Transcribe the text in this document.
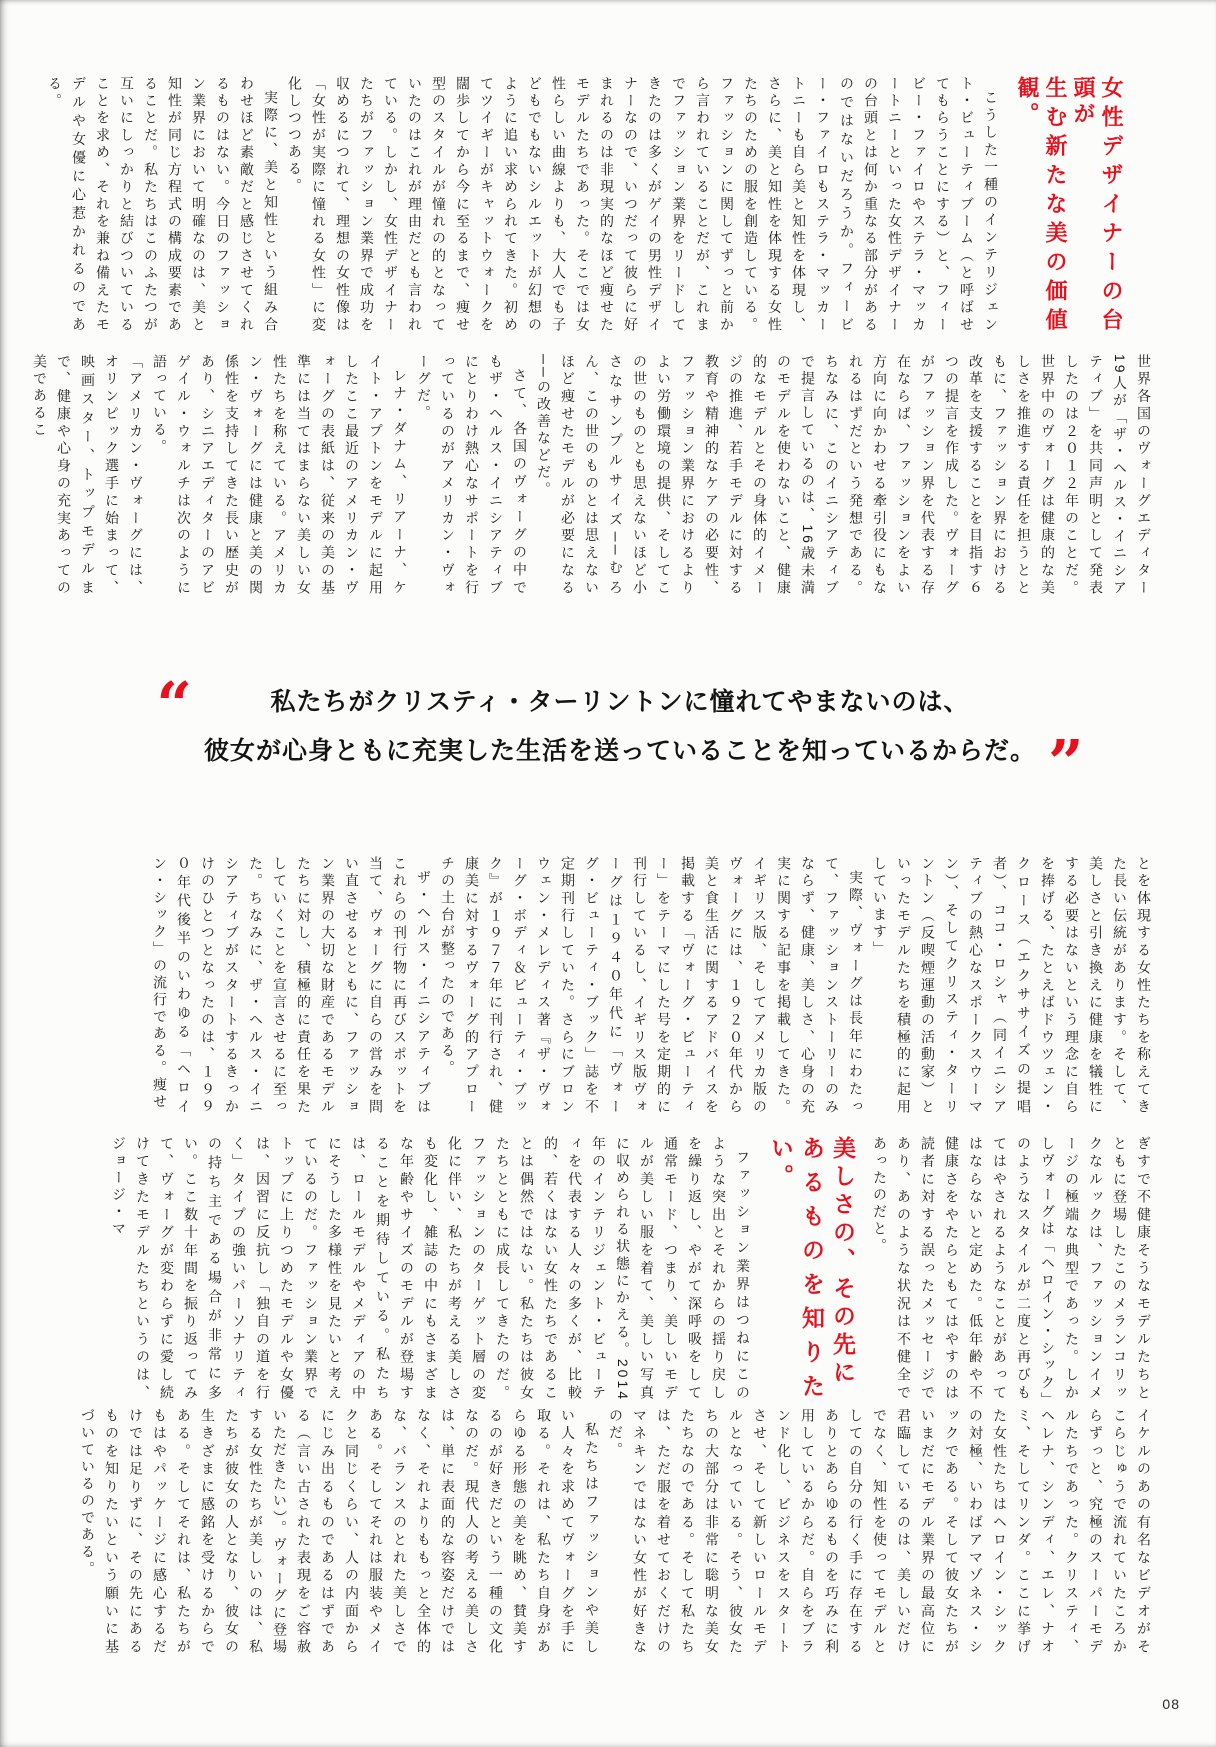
女性デザイナーの台頭が
生む新たな美の価値観。

こうした一種のインテリジェント・ビューティブーム（と呼ばせてもらうことにする）と、フィービー・ファイロやステラ・マッカートニーといった女性デザイナーの台頭とは何か重なる部分があるのではないだろうか。フィービー・ファイロもステラ・マッカートニーも自ら美と知性を体現し、さらに、美と知性を体現する女性たちのための服を創造している。ファッションに関してずっと前から言われていることだが、これまでファッション業界をリードしてきたのは多くがゲイの男性デザイナーなので、いつだって彼らに好まれるのは非現実的なほど痩せたモデルたちであった。そこでは女性らしい曲線よりも、大人でも子どもでもないシルエットが幻想のように追い求められてきた。初めてツイギーがキャットウォークを闊歩してから今に至るまで、痩せ型のスタイルが憧れの的となっていたのはこれが理由だとも言われている。しかし、女性デザイナーたちがファッション業界で成功を収めるにつれて、理想の女性像は「女性が実際に憧れる女性」に変化しつつある。

実際に、美と知性という組み合わせほど素敵だと感じさせてくれるものはない。今日のファッション業界において明確なのは、美と知性が同じ方程式の構成要素であることだ。私たちはこのふたつが互いにしっかりと結びついていることを求め、それを兼ね備えたモデルや女優に心惹かれるのである。

世界各国のヴォーグエディター19人が「ザ・ヘルス・イニシアティブ」を共同声明として発表したのは２０１２年のことだ。世界中のヴォーグは健康的な美しさを推進する責任を担うとともに、ファッション界における改革を支援することを目指す６つの提言を作成した。ヴォーグがファッション界を代表する存在ならば、ファッションをよい方向に向かわせる牽引役にもなれるはずだという発想である。ちなみに、このイニシアティブで提言しているのは、16歳未満のモデルを使わないこと、健康的なモデルとその身体的イメージの推進、若手モデルに対する教育や精神的なケアの必要性、ファッション業界におけるよりよい労働環境の提供、そしてこの世のものとも思えないほど小さなサンプルサイズ──むろん、この世のものとは思えないほど痩せたモデルが必要になる──の改善などだ。

さて、各国のヴォーグの中でもザ・ヘルス・イニシアティブにとりわけ熱心なサポートを行っているのがアメリカン・ヴォーグだ。

レナ・ダナム、リアーナ、ケイト・アプトンをモデルに起用したここ最近のアメリカン・ヴォーグの表紙は、従来の美の基準には当てはまらない美しい女性たちを称えている。アメリカン・ヴォーグには健康と美の関係性を支持してきた長い歴史があり、シニアエディターのアビゲイル・ウォルチは次のように語っている。

「アメリカン・ヴォーグには、オリンピック選手に始まって、映画スター、トップモデルまで、健康や心身の充実あっての美であるこ

“	私たちがクリスティ・ターリントンに憧れてやまないのは、
彼女が心身ともに充実した生活を送っていることを知っているからだ。 ”

とを体現する女性たちを称えてきた長い伝統があります。そして、美しさと引き換えに健康を犠牲にする必要はないという理念に自らを捧げる、たとえばドウツェン・クロース（エクササイズの提唱者）、ココ・ロシャ（同イニシアティブの熱心なスポークスウーマン）、そしてクリスティ・ターリントン（反喫煙運動の活動家）といったモデルたちを積極的に起用しています」

実際、ヴォーグは長年にわたって、ファッションストーリーのみならず、健康、美しさ、心身の充実に関する記事を掲載してきた。イギリス版、そしてアメリカ版のヴォーグには、１９２０年代から美と食生活に関するアドバイスを掲載する「ヴォーグ・ビューティー」をテーマにした号を定期的に刊行しているし、イギリス版ヴォーグは１９４０年代に「ヴォーグ・ビューティ・ブック」誌を不定期刊行していた。さらにブロンウェン・メレディス著『ザ・ヴォーグ・ボディ＆ビューティ・ブック』が１９７７年に刊行され、健康美に対するヴォーグ的アプローチの土台が整ったのである。

ザ・ヘルス・イニシアティブはこれらの刊行物に再びスポットを当て、ヴォーグに自らの営みを問い直させるとともに、ファッション業界の大切な財産であるモデルたちに対し、積極的に責任を果たしていくことを宣言させるに至った。ちなみに、ザ・ヘルス・イニシアティブがスタートするきっかけのひとつとなったのは、１９９０年代後半のいわゆる「ヘロイン・シック」の流行である。痩せ

ぎすで不健康そうなモデルたちとともに登場したこのメランコリックなルックは、ファッションイメージの極端な典型であった。しかしヴォーグは「ヘロイン・シック」のようなスタイルが二度と再びもてはやされるようなことがあってはならないと定めた。低年齢や不健康さをやたらともてはやすのは読者に対する誤ったメッセージであり、あのような状況は不健全であったのだと。

美しさの、その先に
あるものを知りたい。

ファッション業界はつねにこのような突出とそれからの揺り戻しを繰り返し、やがて深呼吸をして通常モード、つまり、美しいモデルが美しい服を着て、美しい写真に収められる状態にかえる。2014年のインテリジェント・ビューティを代表する人々の多くが、比較的、若くはない女性たちであることは偶然ではない。私たちは彼女たちとともに成長してきたのだ。ファッションのターゲット層の変化に伴い、私たちが考える美しさも変化し、雑誌の中にもさまざまな年齢やサイズのモデルが登場することを期待している。私たちは、ロールモデルやメディアの中にそうした多様性を見たいと考えているのだ。ファッション業界でトップに上りつめたモデルや女優は、因習に反抗し「独自の道を行く」タイプの強いパーソナリティの持ち主である場合が非常に多い。ここ数十年間を振り返ってみて、ヴォーグが変わらずに愛し続けてきたモデルたちというのは、ジョージ・マ

イケルのあの有名なビデオがそこらじゅうで流れていたころからずっと、究極のスーパーモデルたちであった。クリスティ、ヘレナ、シンディ、エレ、ナオミ、そしてリンダ。ここに挙げた女性たちはヘロイン・シックの対極、いわばアマゾネス・シックである。そして彼女たちがいまだにモデル業界の最高位に君臨しているのは、美しいだけでなく、知性を使ってモデルとしての自分の行く手に存在するありとあらゆるものを巧みに利用しているからだ。自らをブランド化し、ビジネスをスタートさせ、そして新しいロールモデルとなっている。そう、彼女たちの大部分は非常に聡明な美女たちなのである。そして私たちは、ただ服を着せておくだけのマネキンではない女性が好きなのだ。

私たちはファッションや美しい人々を求めてヴォーグを手に取る。それは、私たち自身があらゆる形態の美を眺め、賛美するのが好きだという一種の文化なのだ。現代人の考える美しさは、単に表面的な容姿だけではなく、それよりももっと全体的な、バランスのとれた美しさである。そしてそれは服装やメイクと同じくらい、人の内面からにじみ出るものであるはずである（言い古された表現をご容赦いただきたい）。ヴォーグに登場する女性たちが美しいのは、私たちが彼女の人となり、彼女の生きざまに感銘を受けるからである。そしてそれは、私たちがもはやパッケージに感心するだけでは足りずに、その先にあるものを知りたいという願いに基づいているのである。

08
